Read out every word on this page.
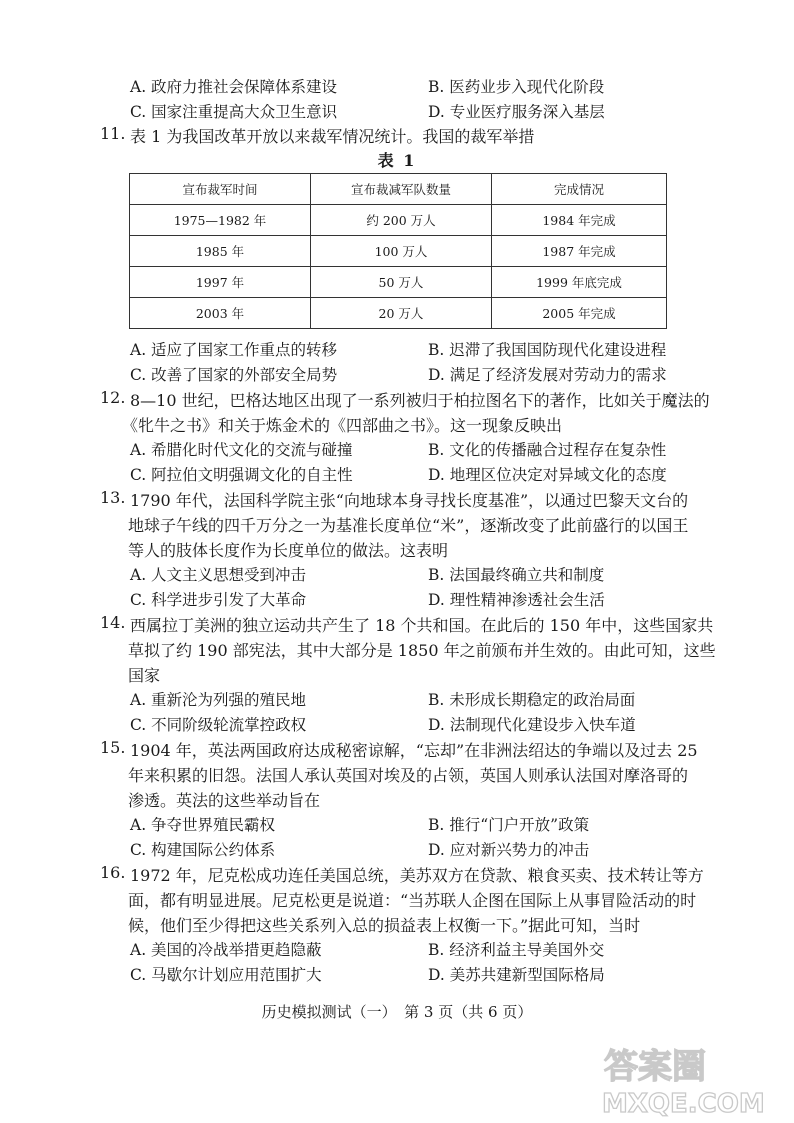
A. 政府力推社会保障体系建设	B. 医药业步入现代化阶段
C. 国家注重提高大众卫生意识	D. 专业医疗服务深入基层
11. 表 1 为我国改革开放以来裁军情况统计。我国的裁军举措
表 1
宣布裁军时间	宣布裁减军队数量	完成情况
1975—1982 年	约 200 万人	1984 年完成
1985 年	100 万人	1987 年完成
1997 年	50 万人	1999 年底完成
2003 年	20 万人	2005 年完成
A. 适应了国家工作重点的转移	B. 迟滞了我国国防现代化建设进程
C. 改善了国家的外部安全局势	D. 满足了经济发展对劳动力的需求
12. 8—10 世纪，巴格达地区出现了一系列被归于柏拉图名下的著作，比如关于魔法的
《牝牛之书》和关于炼金术的《四部曲之书》。这一现象反映出
A. 希腊化时代文化的交流与碰撞	B. 文化的传播融合过程存在复杂性
C. 阿拉伯文明强调文化的自主性	D. 地理区位决定对异域文化的态度
13. 1790 年代，法国科学院主张“向地球本身寻找长度基准”，以通过巴黎天文台的
地球子午线的四千万分之一为基准长度单位“米”，逐渐改变了此前盛行的以国王
等人的肢体长度作为长度单位的做法。这表明
A. 人文主义思想受到冲击	B. 法国最终确立共和制度
C. 科学进步引发了大革命	D. 理性精神渗透社会生活
14. 西属拉丁美洲的独立运动共产生了 18 个共和国。在此后的 150 年中，这些国家共
草拟了约 190 部宪法，其中大部分是 1850 年之前颁布并生效的。由此可知，这些
国家
A. 重新沦为列强的殖民地	B. 未形成长期稳定的政治局面
C. 不同阶级轮流掌控政权	D. 法制现代化建设步入快车道
15. 1904 年，英法两国政府达成秘密谅解，“忘却”在非洲法绍达的争端以及过去 25
年来积累的旧怨。法国人承认英国对埃及的占领，英国人则承认法国对摩洛哥的
渗透。英法的这些举动旨在
A. 争夺世界殖民霸权	B. 推行“门户开放”政策
C. 构建国际公约体系	D. 应对新兴势力的冲击
16. 1972 年，尼克松成功连任美国总统，美苏双方在贷款、粮食买卖、技术转让等方
面，都有明显进展。尼克松更是说道：“当苏联人企图在国际上从事冒险活动的时
候，他们至少得把这些关系列入总的损益表上权衡一下。”据此可知，当时
A. 美国的冷战举措更趋隐蔽	B. 经济利益主导美国外交
C. 马歇尔计划应用范围扩大	D. 美苏共建新型国际格局
历史模拟测试（一）　第 3 页（共 6 页）
答案圈
MXQE.COM
